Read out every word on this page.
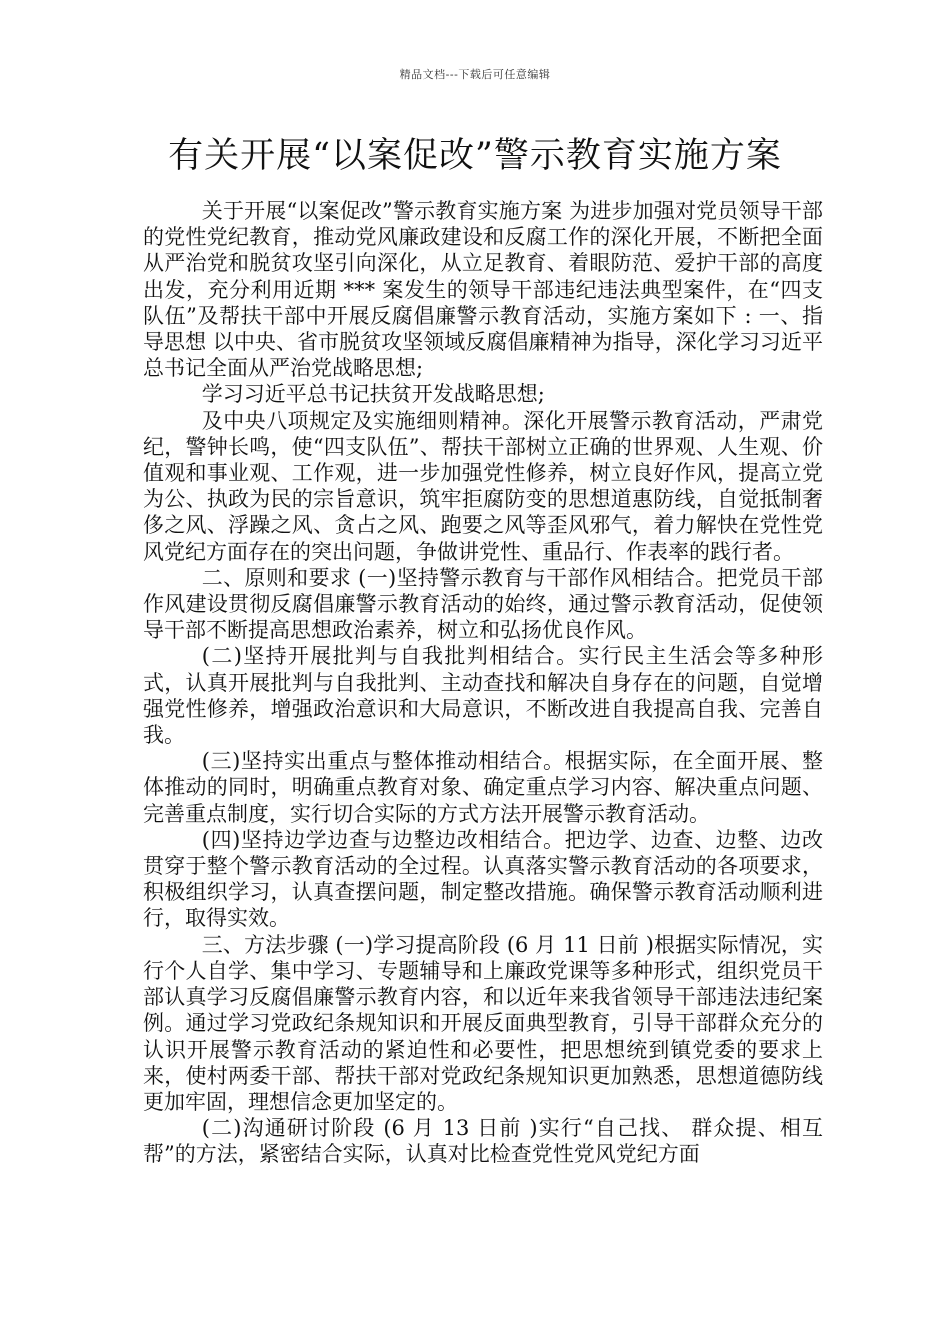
精品文档---下载后可任意编辑
有关开展“以案促改”警示教育实施方案

关于开展“以案促改”警示教育实施方案 为进步加强对党员领导干部的党性党纪教育，推动党风廉政建设和反腐工作的深化开展，不断把全面从严治党和脱贫攻坚引向深化，从立足教育、着眼防范、爱护干部的高度出发，充分利用近期 *** 案发生的领导干部违纪违法典型案件，在“四支队伍”及帮扶干部中开展反腐倡廉警示教育活动，实施方案如下 : 一、指导思想 以中央、省市脱贫攻坚领域反腐倡廉精神为指导，深化学习习近平总书记全面从严治党战略思想;

学习习近平总书记扶贫开发战略思想;

及中央八项规定及实施细则精神。深化开展警示教育活动，严肃党纪，警钟长鸣，使“四支队伍”、帮扶干部树立正确的世界观、人生观、价值观和事业观、工作观，进一步加强党性修养，树立良好作风，提高立党为公、执政为民的宗旨意识，筑牢拒腐防变的思想道惠防线，自觉抵制奢侈之风、浮躁之风、贪占之风、跑要之风等歪风邪气，着力解快在党性党风党纪方面存在的突出问题，争做讲党性、重品行、作表率的践行者。

二、原则和要求 (一)坚持警示教育与干部作风相结合。把党员干部作风建设贯彻反腐倡廉警示教育活动的始终，通过警示教育活动，促使领导干部不断提高思想政治素养，树立和弘扬优良作风。

(二)坚持开展批判与自我批判相结合。实行民主生活会等多种形式，认真开展批判与自我批判、主动查找和解决自身存在的问题，自觉增强党性修养，增强政治意识和大局意识，不断改进自我提高自我、完善自我。

(三)坚持实出重点与整体推动相结合。根据实际，在全面开展、整体推动的同时，明确重点教育对象、确定重点学习内容、解决重点问题、完善重点制度，实行切合实际的方式方法开展警示教育活动。

(四)坚持边学边查与边整边改相结合。把边学、边查、边整、边改贯穿于整个警示教育活动的全过程。认真落实警示教育活动的各项要求，积极组织学习，认真查摆问题，制定整改措施。确保警示教育活动顺利进行，取得实效。

三、方法步骤 (一)学习提高阶段 (6 月 11 日前 )根据实际情况，实行个人自学、集中学习、专题辅导和上廉政党课等多种形式，组织党员干部认真学习反腐倡廉警示教育内容，和以近年来我省领导干部违法违纪案例。通过学习党政纪条规知识和开展反面典型教育，引导干部群众充分的认识开展警示教育活动的紧迫性和必要性，把思想统到镇党委的要求上来，使村两委干部、帮扶干部对党政纪条规知识更加熟悉，思想道德防线更加牢固，理想信念更加坚定的。

(二)沟通研讨阶段 (6 月 13 日前 )实行“自己找、 群众提、相互帮”的方法，紧密结合实际，认真对比检查党性党风党纪方面
